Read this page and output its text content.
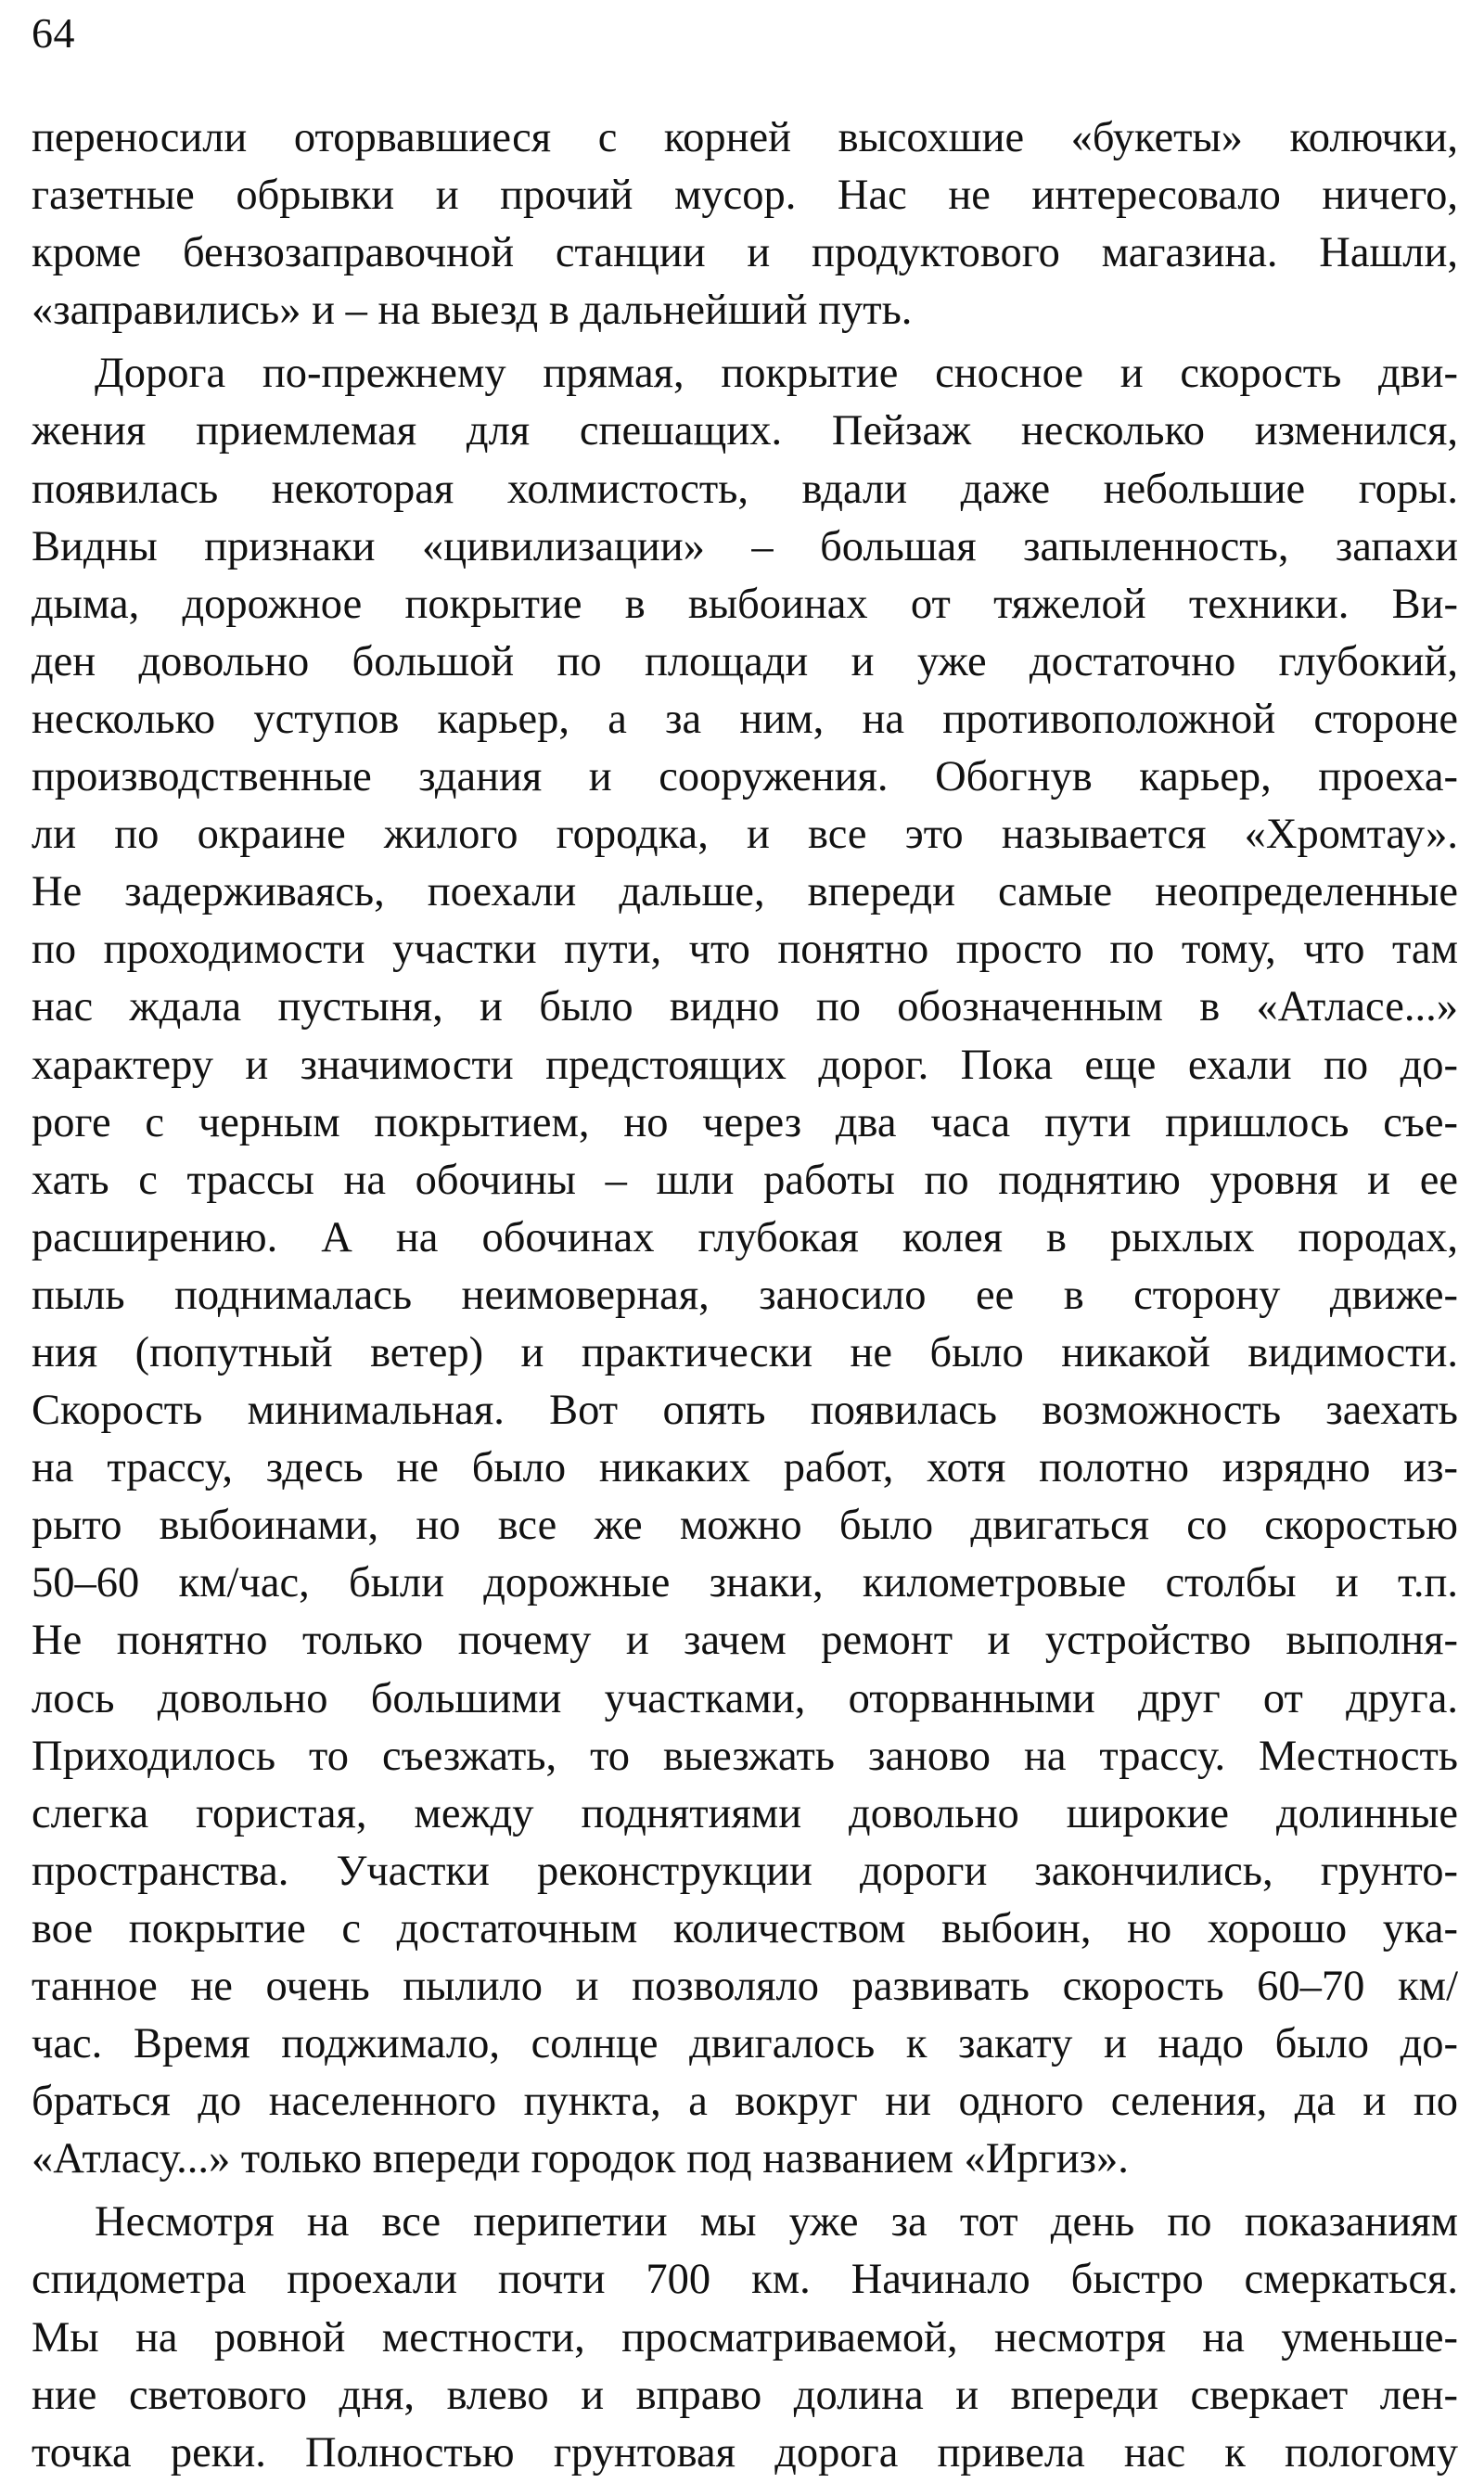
64

переносили оторвавшиеся с корней высохшие «букеты» колючки,
газетные обрывки и прочий мусор. Нас не интересовало ничего,
кроме бензозаправочной станции и продуктового магазина. Нашли,
«заправились» и – на выезд в дальнейший путь.

Дорога по-прежнему прямая, покрытие сносное и скорость дви-
жения приемлемая для спешащих. Пейзаж несколько изменился,
появилась некоторая холмистость, вдали даже небольшие горы.
Видны признаки «цивилизации» – большая запыленность, запахи
дыма, дорожное покрытие в выбоинах от тяжелой техники. Ви-
ден довольно большой по площади и уже достаточно глубокий,
несколько уступов карьер, а за ним, на противоположной стороне
производственные здания и сооружения. Обогнув карьер, проеха-
ли по окраине жилого городка, и все это называется «Хромтау».
Не задерживаясь, поехали дальше, впереди самые неопределенные
по проходимости участки пути, что понятно просто по тому, что там
нас ждала пустыня, и было видно по обозначенным в «Атласе...»
характеру и значимости предстоящих дорог. Пока еще ехали по до-
роге с черным покрытием, но через два часа пути пришлось съе-
хать с трассы на обочины – шли работы по поднятию уровня и ее
расширению. А на обочинах глубокая колея в рыхлых породах,
пыль поднималась неимоверная, заносило ее в сторону движе-
ния (попутный ветер) и практически не было никакой видимости.
Скорость минимальная. Вот опять появилась возможность заехать
на трассу, здесь не было никаких работ, хотя полотно изрядно из-
рыто выбоинами, но все же можно было двигаться со скоростью
50–60 км/час, были дорожные знаки, километровые столбы и т.п.
Не понятно только почему и зачем ремонт и устройство выполня-
лось довольно большими участками, оторванными друг от друга.
Приходилось то съезжать, то выезжать заново на трассу. Местность
слегка гористая, между поднятиями довольно широкие долинные
пространства. Участки реконструкции дороги закончились, грунто-
вое покрытие с достаточным количеством выбоин, но хорошо ука-
танное не очень пылило и позволяло развивать скорость 60–70 км/
час. Время поджимало, солнце двигалось к закату и надо было до-
браться до населенного пункта, а вокруг ни одного селения, да и по
«Атласу...» только впереди городок под названием «Иргиз».

Несмотря на все перипетии мы уже за тот день по показаниям
спидометра проехали почти 700 км. Начинало быстро смеркаться.
Мы на ровной местности, просматриваемой, несмотря на уменьше-
ние светового дня, влево и вправо долина и впереди сверкает лен-
точка реки. Полностью грунтовая дорога привела нас к пологому
